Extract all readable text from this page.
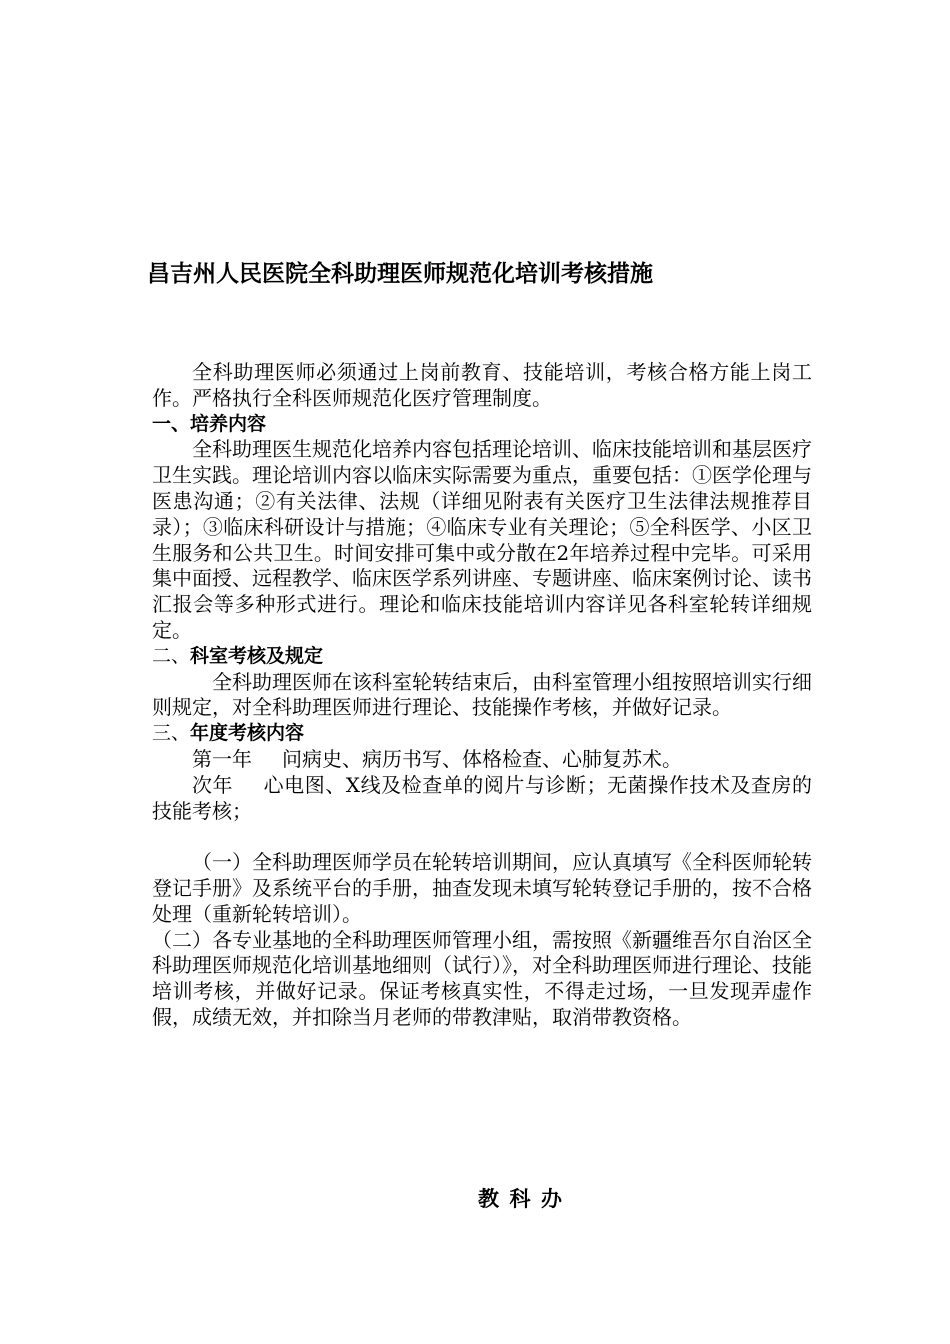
昌吉州人民医院全科助理医师规范化培训考核措施

全科助理医师必须通过上岗前教育、技能培训，考核合格方能上岗工作。严格执行全科医师规范化医疗管理制度。

一、培养内容

全科助理医生规范化培养内容包括理论培训、临床技能培训和基层医疗卫生实践。理论培训内容以临床实际需要为重点，重要包括：①医学伦理与医患沟通；②有关法律、法规（详细见附表有关医疗卫生法律法规推荐目录）；③临床科研设计与措施；④临床专业有关理论；⑤全科医学、小区卫生服务和公共卫生。时间安排可集中或分散在2年培养过程中完毕。可采用集中面授、远程教学、临床医学系列讲座、专题讲座、临床案例讨论、读书汇报会等多种形式进行。理论和临床技能培训内容详见各科室轮转详细规定。

二、科室考核及规定

全科助理医师在该科室轮转结束后，由科室管理小组按照培训实行细则规定，对全科助理医师进行理论、技能操作考核，并做好记录。

三、年度考核内容

第一年 问病史、病历书写、体格检查、心肺复苏术。

次年 心电图、X线及检查单的阅片与诊断；无菌操作技术及查房的技能考核；

（一）全科助理医师学员在轮转培训期间，应认真填写《全科医师轮转登记手册》及系统平台的手册，抽查发现未填写轮转登记手册的，按不合格处理（重新轮转培训）。

（二）各专业基地的全科助理医师管理小组，需按照《新疆维吾尔自治区全科助理医师规范化培训基地细则（试行）》，对全科助理医师进行理论、技能培训考核，并做好记录。保证考核真实性，不得走过场，一旦发现弄虚作假，成绩无效，并扣除当月老师的带教津贴，取消带教资格。

教科办
